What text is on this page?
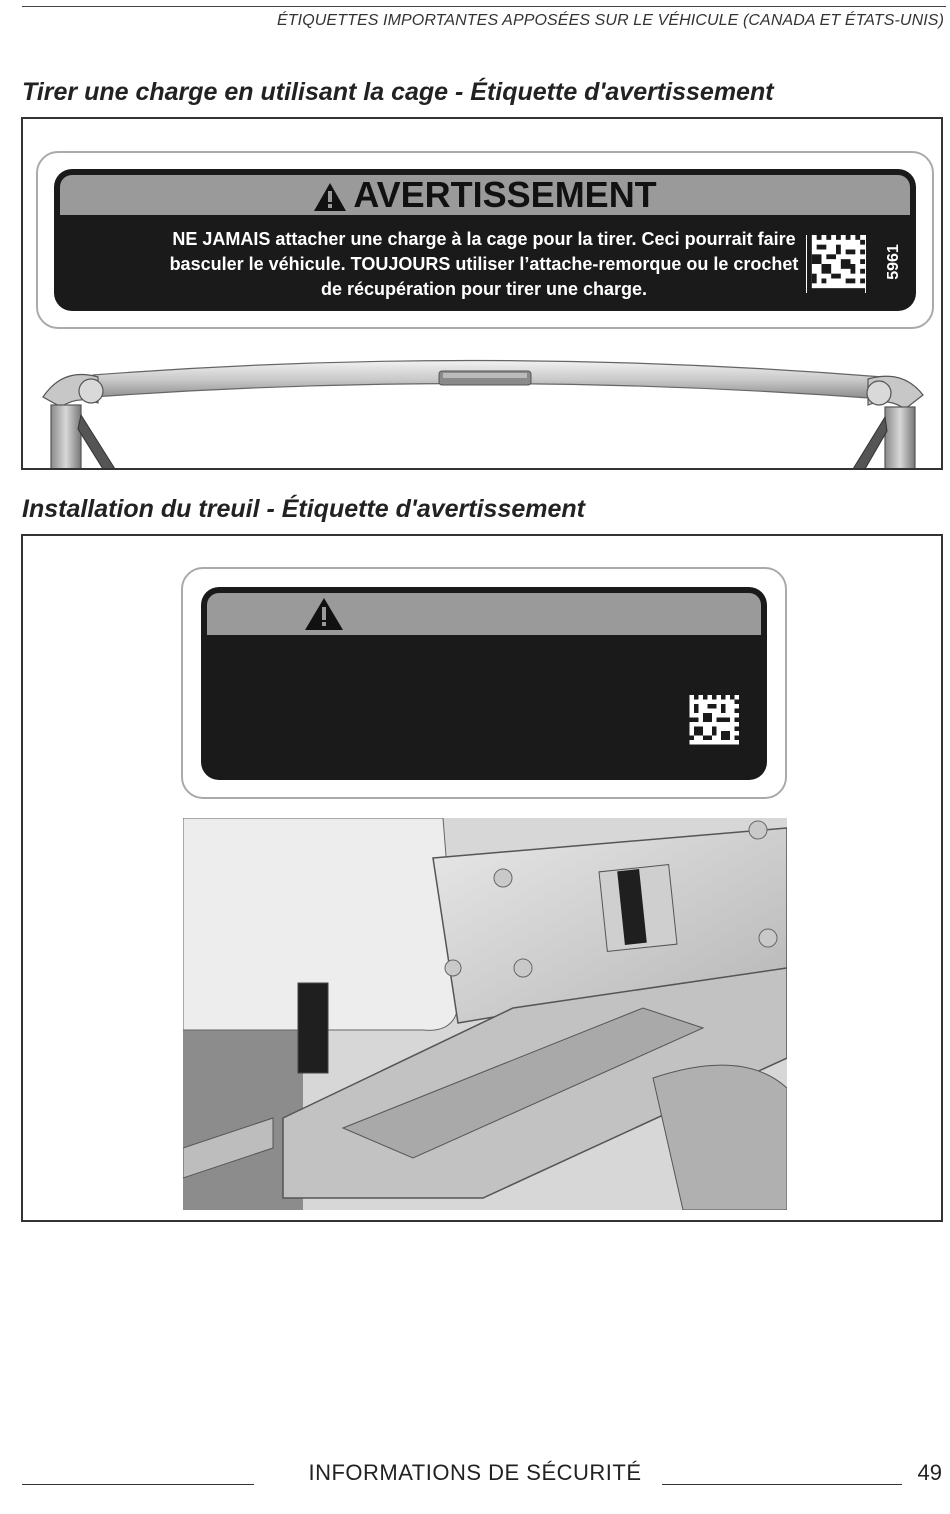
ÉTIQUETTES IMPORTANTES APPOSÉES SUR LE VÉHICULE (CANADA ET ÉTATS-UNIS)
Tirer une charge en utilisant la cage - Étiquette d'avertissement
AVERTISSEMENT
NE JAMAIS attacher une charge à la cage pour la tirer. Ceci pourrait faire
basculer le véhicule. TOUJOURS utiliser l’attache-remorque ou le crochet
de récupération pour tirer une charge.
5961
Installation du treuil - Étiquette d'avertissement
INFORMATIONS DE SÉCURITÉ	49
